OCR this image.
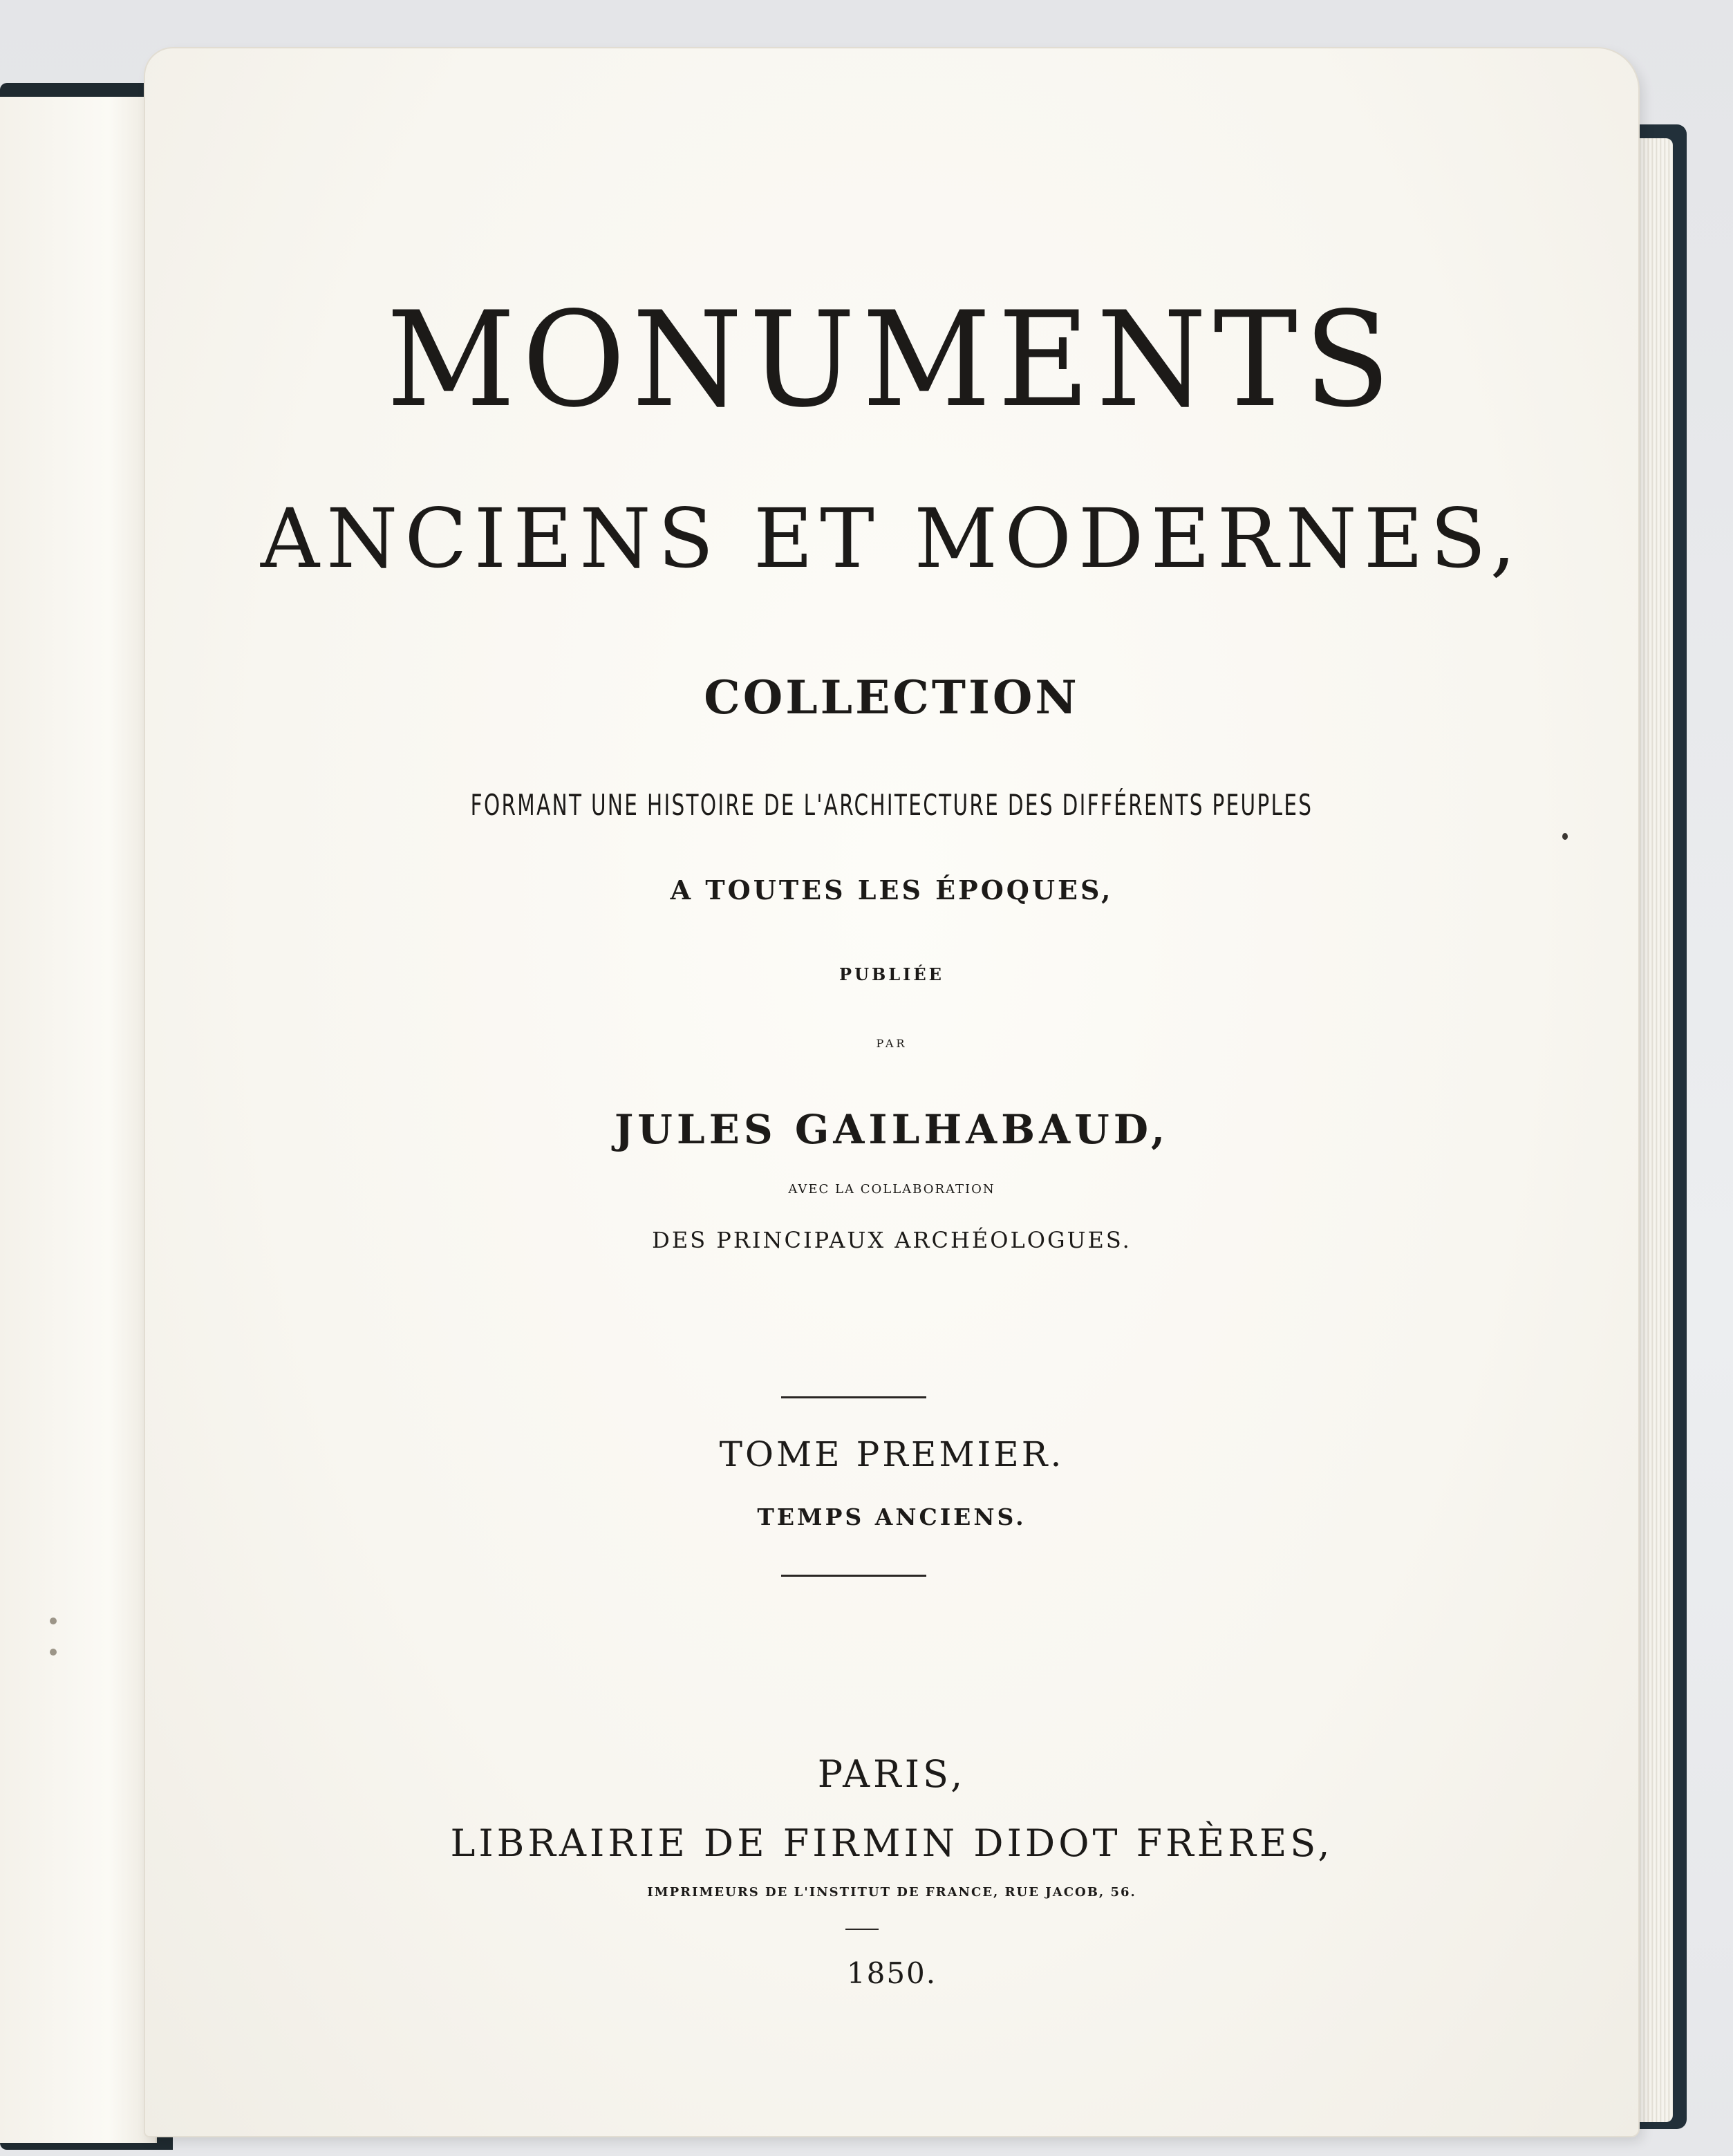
MONUMENTS
ANCIENS ET MODERNES,
COLLECTION
FORMANT UNE HISTOIRE DE L'ARCHITECTURE DES DIFFÉRENTS PEUPLES
A TOUTES LES ÉPOQUES,
PUBLIÉE
PAR
JULES GAILHABAUD,
AVEC LA COLLABORATION
DES PRINCIPAUX ARCHÉOLOGUES.
TOME PREMIER.
TEMPS ANCIENS.
PARIS,
LIBRAIRIE DE FIRMIN DIDOT FRÈRES,
IMPRIMEURS DE L'INSTITUT DE FRANCE, RUE JACOB, 56.
1850.
